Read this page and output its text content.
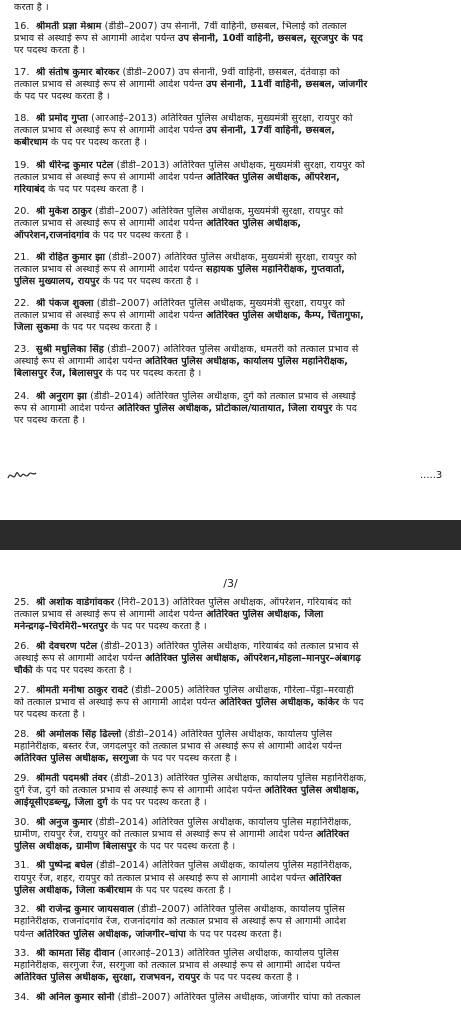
करता है ।
16. श्रीमती प्रज्ञा मेश्राम (डीडी–2007) उप सेनानी, 7वीं वाहिनी, छसबल, भिलाई को तत्काल
प्रभाव से अस्थाई रूप से आगामी आदेश पर्यन्त उप सेनानी, 10वीं वाहिनी, छसबल, सूरजपुर के पद
पर पदस्थ करता है ।
17. श्री संतोष कुमार बोरकर (डीडी–2007) उप सेनानी, 9वीं वाहिनी, छसबल, दंतेवाड़ा को
तत्काल प्रभाव से अस्थाई रूप से आगामी आदेश पर्यन्त उप सेनानी, 11वीं वाहिनी, छसबल, जांजगीर
के पद पर पदस्थ करता है ।
18. श्री प्रमोद गुप्ता (आरआई–2013) अतिरिक्त पुलिस अधीक्षक, मुख्यमंत्री सुरक्षा, रायपुर को
तत्काल प्रभाव से अस्थाई रूप से आगामी आदेश पर्यन्त उप सेनानी, 17वीं वाहिनी, छसबल,
कबीरधाम के पद पर पदस्थ करता है ।
19. श्री धीरेन्द्र कुमार पटेल (डीडी–2013) अतिरिक्त पुलिस अधीक्षक, मुख्यमंत्री सुरक्षा, रायपुर को
तत्काल प्रभाव से अस्थाई रूप से आगामी आदेश पर्यन्त अतिरिक्त पुलिस अधीक्षक, ऑपरेशन,
गरियाबंद के पद पर पदस्थ करता है ।
20. श्री मुकेश ठाकुर (डीडी–2007) अतिरिक्त पुलिस अधीक्षक, मुख्यमंत्री सुरक्षा, रायपुर को
तत्काल प्रभाव से अस्थाई रूप से आगामी आदेश पर्यन्त अतिरिक्त पुलिस अधीक्षक,
ऑपरेशन,राजनांदगांव के पद पर पदस्थ करता है ।
21. श्री रोहित कुमार झा (डीडी–2007) अतिरिक्त पुलिस अधीक्षक, मुख्यमंत्री सुरक्षा, रायपुर को
तत्काल प्रभाव से अस्थाई रूप से आगामी आदेश पर्यन्त सहायक पुलिस महानिरीक्षक, गुप्तवार्ता,
पुलिस मुख्यालय, रायपुर के पद पर पदस्थ करता है ।
22. श्री पंकज शुक्ला (डीडी–2007) अतिरिक्त पुलिस अधीक्षक, मुख्यमंत्री सुरक्षा, रायपुर को
तत्काल प्रभाव से अस्थाई रूप से आगामी आदेश पर्यन्त अतिरिक्त पुलिस अधीक्षक, कैम्प, चिंतागुफा,
जिला सुकमा के पद पर पदस्थ करता है ।
23. सुश्री मधुलिका सिंह (डीडी–2007) अतिरिक्त पुलिस अधीक्षक, धमतरी को तत्काल प्रभाव से
अस्थाई रूप से आगामी आदेश पर्यन्त अतिरिक्त पुलिस अधीक्षक, कार्यालय पुलिस महानिरीक्षक,
बिलासपुर रेंज, बिलासपुर के पद पर पदस्थ करता है ।
24. श्री अनुराग झा (डीडी–2014) अतिरिक्त पुलिस अधीक्षक, दुर्ग को तत्काल प्रभाव से अस्थाई
रूप से आगामी आदेश पर्यन्त अतिरिक्त पुलिस अधीक्षक, प्रोटोकाल/यातायात, जिला रायपुर के पद
पर पदस्थ करता है ।
.....3
/3/
25. श्री अशोक वाडेगांवकर (निरी–2013) अतिरिक्त पुलिस अधीक्षक, ऑपरेशन, गरियाबंद को
तत्काल प्रभाव से अस्थाई रूप से आगामी आदेश पर्यन्त अतिरिक्त पुलिस अधीक्षक, जिला
मनेन्द्रगढ़–चिरमिरी–भरतपुर के पद पर पदस्थ करता है ।
26. श्री देवचरण पटेल (डीडी–2013) अतिरिक्त पुलिस अधीक्षक, गरियाबंद को तत्काल प्रभाव से
अस्थाई रूप से आगामी आदेश पर्यन्त अतिरिक्त पुलिस अधीक्षक, ऑपरेशन,मोहला–मानपुर–अंबागढ़
चौकी के पद पर पदस्थ करता है ।
27. श्रीमती मनीषा ठाकुर रावटे (डीडी–2005) अतिरिक्त पुलिस अधीक्षक, गौरेला–पेंड्रा–मरवाही
को तत्काल प्रभाव से अस्थाई रूप से आगामी आदेश पर्यन्त अतिरिक्त पुलिस अधीक्षक, कांकेर के पद
पर पदस्थ करता है ।
28. श्री अमोलक सिंह ढिल्लो (डीडी–2014) अतिरिक्त पुलिस अधीक्षक, कार्यालय पुलिस
महानिरीक्षक, बस्तर रेंज, जगदलपुर को तत्काल प्रभाव से अस्थाई रूप से आगामी आदेश पर्यन्त
अतिरिक्त पुलिस अधीक्षक, सरगुजा के पद पर पदस्थ करता है ।
29. श्रीमती पदमश्री तंवर (डीडी–2013) अतिरिक्त पुलिस अधीक्षक, कार्यालय पुलिस महानिरीक्षक,
दुर्ग रेंज, दुर्ग को तत्काल प्रभाव से अस्थाई रूप से आगामी आदेश पर्यन्त अतिरिक्त पुलिस अधीक्षक,
आईयूसीएडब्ल्यू, जिला दुर्ग के पद पर पदस्थ करता है ।
30. श्री अनुज कुमार (डीडी–2014) अतिरिक्त पुलिस अधीक्षक, कार्यालय पुलिस महानिरीक्षक,
ग्रामीण, रायपुर रेंज, रायपुर को तत्काल प्रभाव से अस्थाई रूप से आगामी आदेश पर्यन्त अतिरिक्त
पुलिस अधीक्षक, ग्रामीण बिलासपुर के पद पर पदस्थ करता है ।
31. श्री पुष्पेन्द्र बघेल (डीडी–2014) अतिरिक्त पुलिस अधीक्षक, कार्यालय पुलिस महानिरीक्षक,
रायपुर रेंज, शहर, रायपुर को तत्काल प्रभाव से अस्थाई रूप से आगामी आदेश पर्यन्त अतिरिक्त
पुलिस अधीक्षक, जिला कबीरधाम के पद पर पदस्थ करता है ।
32. श्री राजेन्द्र कुमार जायसवाल (डीडी–2007) अतिरिक्त पुलिस अधीक्षक, कार्यालय पुलिस
महानिरीक्षक, राजनांदगांव रेंज, राजनांदगांव को तत्काल प्रभाव से अस्थाई रूप से आगामी आदेश
पर्यन्त अतिरिक्त पुलिस अधीक्षक, जांजगीर–चांपा के पद पर पदस्थ करता है।
33. श्री कामता सिंह दीवान (आरआई–2013) अतिरिक्त पुलिस अधीक्षक, कार्यालय पुलिस
महानिरीक्षक, सरगुजा रेंज, सरगुजा को तत्काल प्रभाव से अस्थाई रूप से आगामी आदेश पर्यन्त
अतिरिक्त पुलिस अधीक्षक, सुरक्षा, राजभवन, रायपुर के पद पर पदस्थ करता है ।
34. श्री अनिल कुमार सोनी (डीडी–2007) अतिरिक्त पुलिस अधीक्षक, जांजगीर चांपा को तत्काल
